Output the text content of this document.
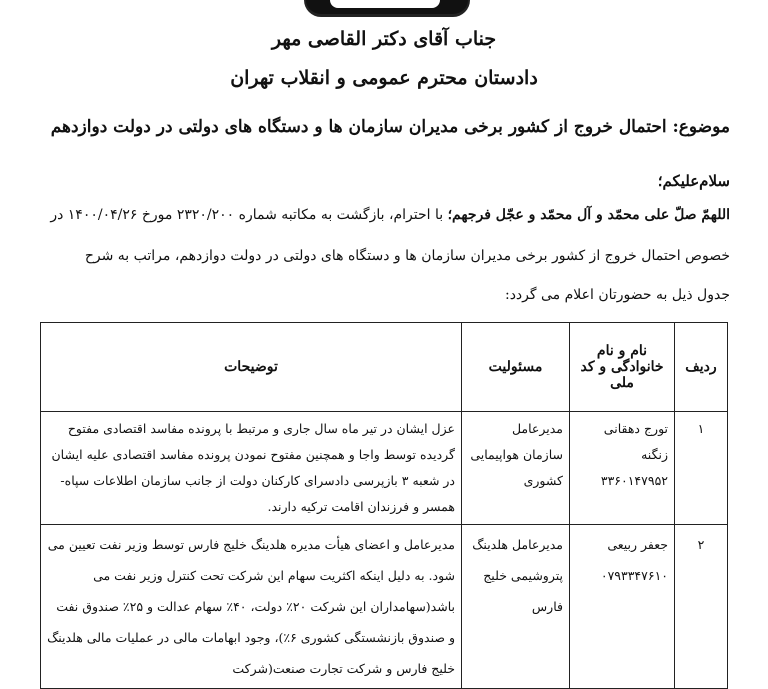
جناب آقای دکتر القاصی مهر
دادستان محترم عمومی و انقلاب تهران
موضوع: احتمال خروج از کشور برخی مدیران سازمان ها و دستگاه های دولتی در دولت دوازدهم
سلام‌علیکم؛
اللهمّ صلّ علی محمّد و آل محمّد و عجّل فرجهم؛ با احترام، بازگشت به مکاتبه شماره ۲۳۲۰/۲۰۰ مورخ ۱۴۰۰/۰۴/۲۶ در
خصوص احتمال خروج از کشور برخی مدیران سازمان ها و دستگاه های دولتی در دولت دوازدهم، مراتب به شرح
جدول ذیل به حضورتان اعلام می گردد:
ردیف	نام و نام خانوادگی و کد ملی	مسئولیت	توضیحات
۱	تورج دهقانی زنگنه ۳۳۶۰۱۴۷۹۵۲	مدیرعامل سازمان هواپیمایی کشوری	عزل ایشان در تیر ماه سال جاری و مرتبط با پرونده مفاسد اقتصادی مفتوح گردیده توسط واجا و همچنین مفتوح نمودن پرونده مفاسد اقتصادی علیه ایشان در شعبه ۳ بازپرسی دادسرای کارکنان دولت از جانب سازمان اطلاعات سپاه- همسر و فرزندان اقامت ترکیه دارند.
۲	جعفر ربیعی ۰۷۹۳۳۴۷۶۱۰	مدیرعامل هلدینگ پتروشیمی خلیج فارس	مدیرعامل و اعضای هیأت مدیره هلدینگ خلیج فارس توسط وزیر نفت تعیین می شود. به دلیل اینکه اکثریت سهام این شرکت تحت کنترل وزیر نفت می باشد(سهامداران این شرکت ۲۰٪ دولت، ۴۰٪ سهام عدالت و ۲۵٪ صندوق نفت و صندوق بازنشستگی کشوری ۶٪)، وجود ابهامات مالی در عملیات مالی هلدینگ خلیج فارس و شرکت تجارت صنعت(شرکت
